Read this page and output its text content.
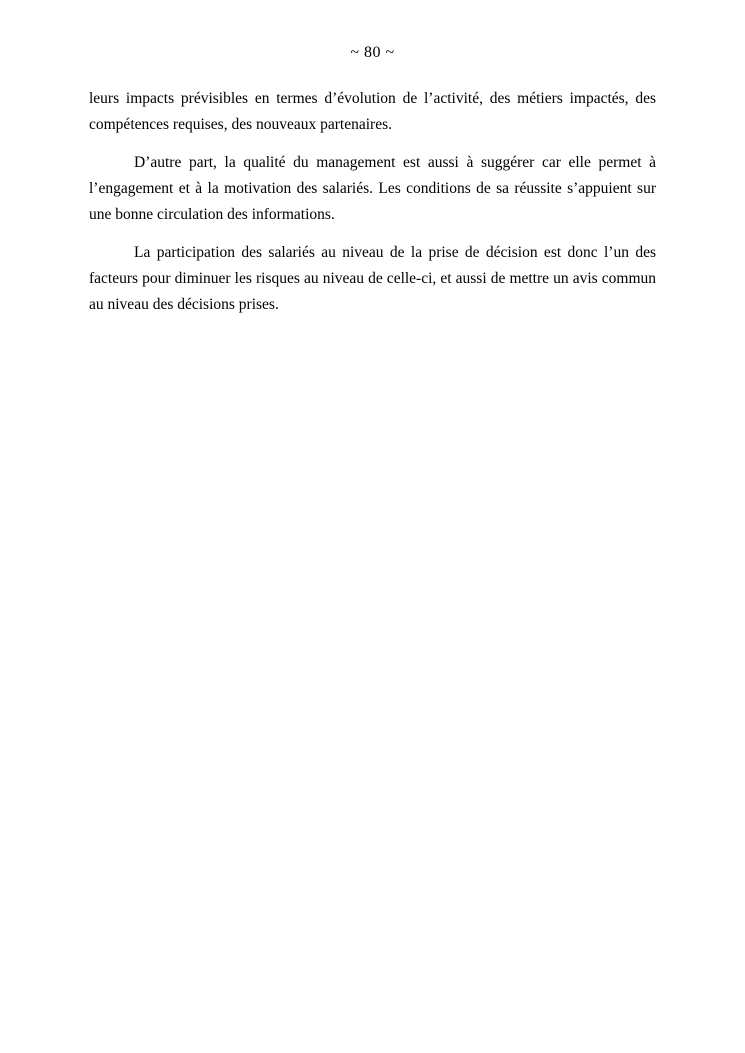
~ 80 ~

leurs impacts prévisibles en termes d’évolution de l’activité, des métiers impactés, des compétences requises, des nouveaux partenaires.

D’autre part, la qualité du management est aussi à suggérer car elle permet à l’engagement et à la motivation des salariés. Les conditions de sa réussite s’appuient sur une bonne circulation des informations.

La participation des salariés au niveau de la prise de décision est donc l’un des facteurs pour diminuer les risques au niveau de celle-ci, et aussi de mettre un avis commun au niveau des décisions prises.
